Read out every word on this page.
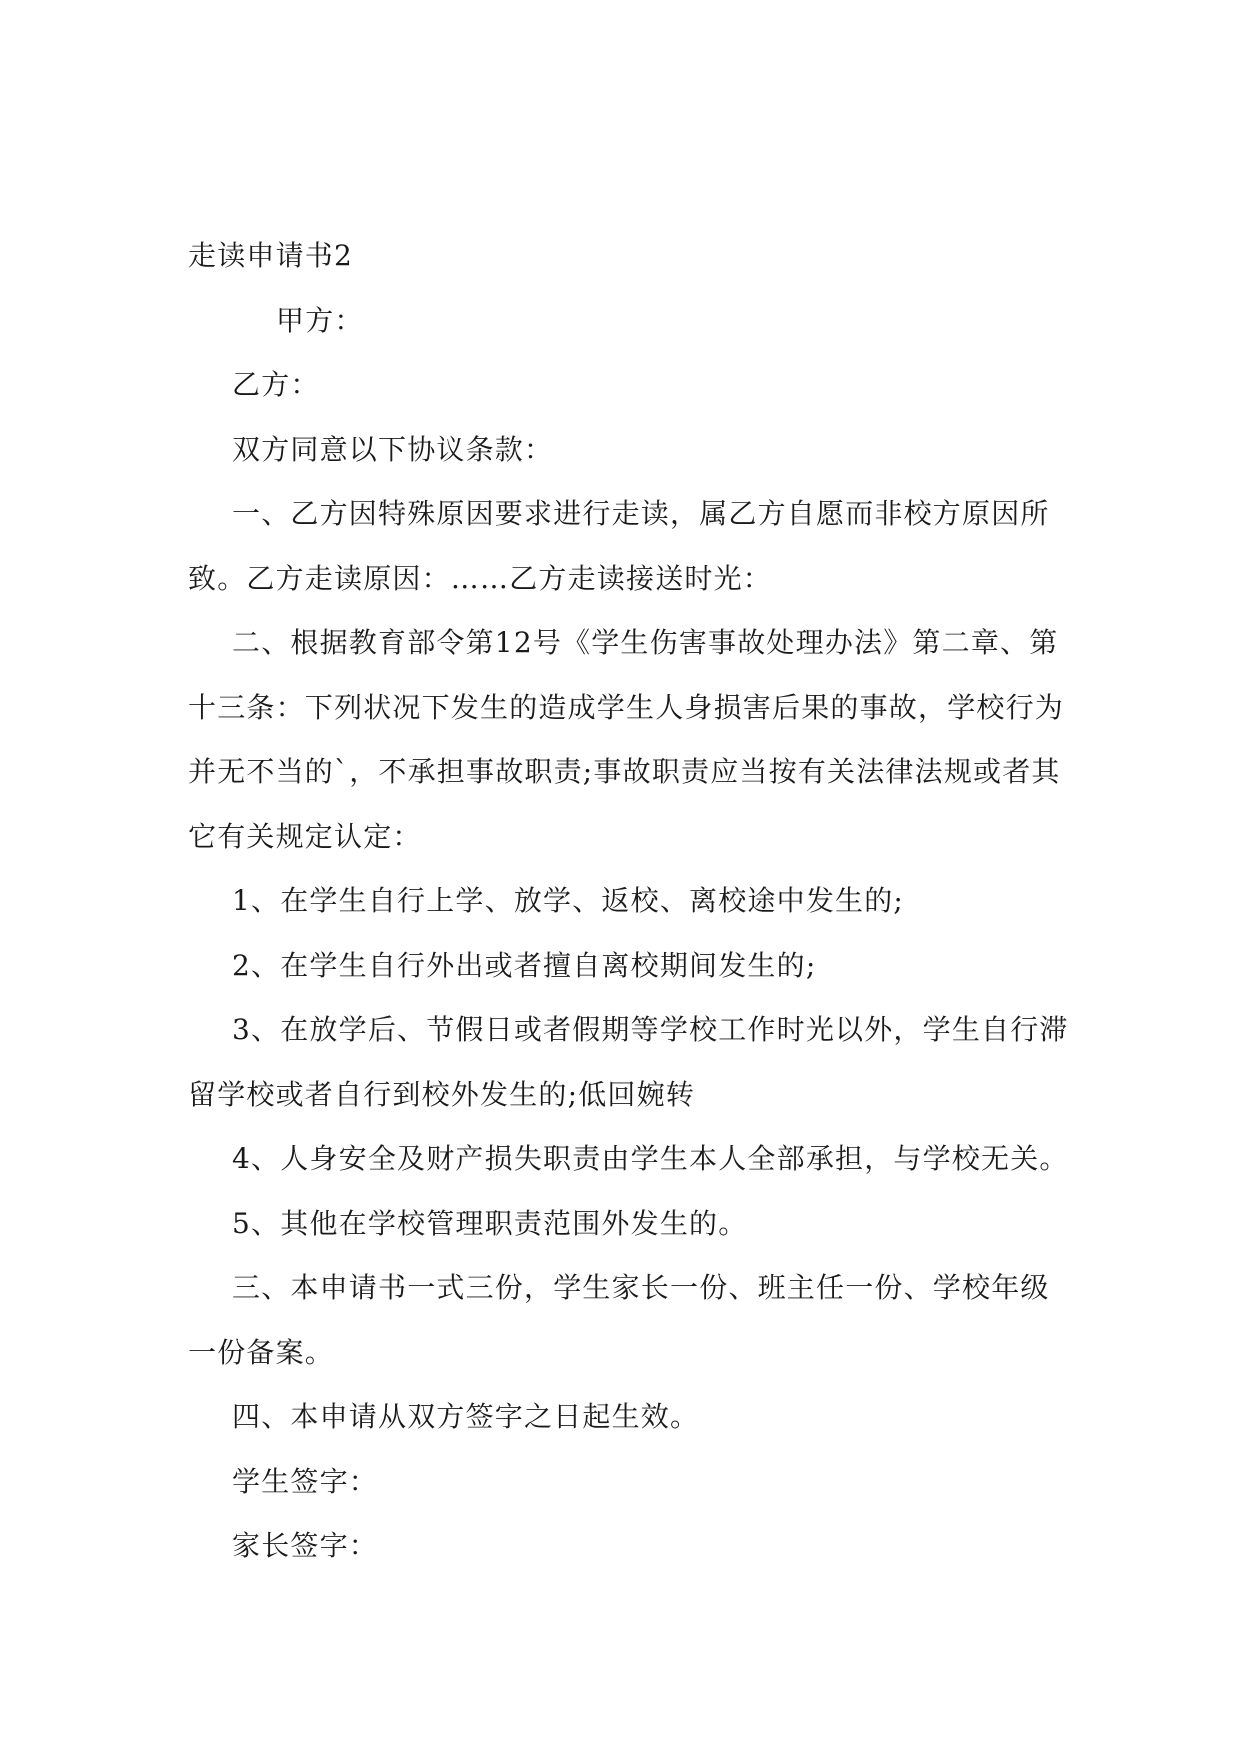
走读申请书2
甲方：
乙方：
双方同意以下协议条款：
一、乙方因特殊原因要求进行走读，属乙方自愿而非校方原因所
致。乙方走读原因：……乙方走读接送时光：
二、根据教育部令第12号《学生伤害事故处理办法》第二章、第
十三条：下列状况下发生的造成学生人身损害后果的事故，学校行为
并无不当的`，不承担事故职责;事故职责应当按有关法律法规或者其
它有关规定认定：
1、在学生自行上学、放学、返校、离校途中发生的;
2、在学生自行外出或者擅自离校期间发生的;
3、在放学后、节假日或者假期等学校工作时光以外，学生自行滞
留学校或者自行到校外发生的;低回婉转
4、人身安全及财产损失职责由学生本人全部承担，与学校无关。
5、其他在学校管理职责范围外发生的。
三、本申请书一式三份，学生家长一份、班主任一份、学校年级
一份备案。
四、本申请从双方签字之日起生效。
学生签字：
家长签字：
